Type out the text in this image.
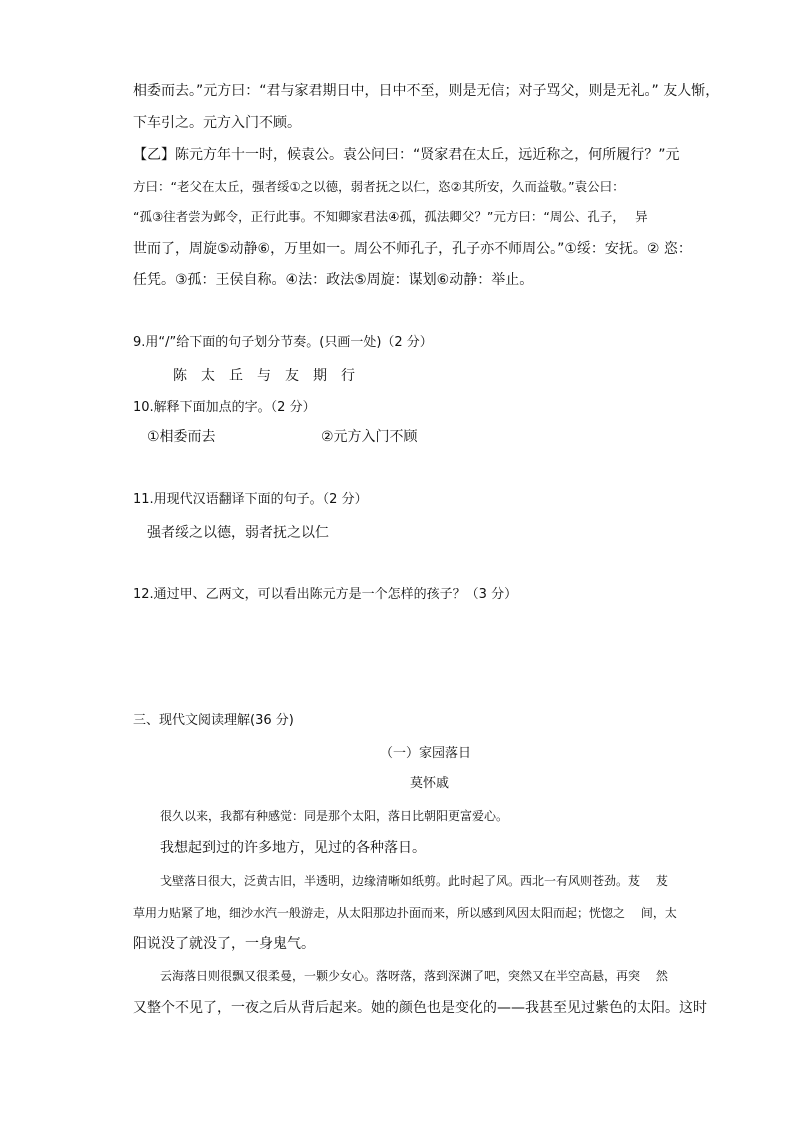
相委而去。”元方曰：“君与家君期日中，日中不至，则是无信；对子骂父，则是无礼。” 友人惭，
下车引之。元方入门不顾。
【乙】陈元方年十一时，候袁公。袁公问曰：“贤家君在太丘，远近称之，何所履行？”元
方曰：“老父在太丘，强者绥①之以德，弱者抚之以仁，恣②其所安，久而益敬。”袁公曰：
“孤③往者尝为邺令，正行此事。不知卿家君法④孤，孤法卿父？”元方曰：“周公、孔子，　 异
世而了，周旋⑤动静⑥，万里如一。周公不师孔子，孔子亦不师周公。”①绥：安抚。② 恣：
任凭。③孤：王侯自称。④法：政法⑤周旋：谋划⑥动静：举止。
9.用“/”给下面的句子划分节奏。(只画一处)（2 分）
陈　太　丘　与　友　期　行
10.解释下面加点的字。（2 分）
①相委而去	②元方入门不顾
11.用现代汉语翻译下面的句子。（2 分）
强者绥之以德，弱者抚之以仁
12.通过甲、乙两文，可以看出陈元方是一个怎样的孩子？（3 分）
三、现代文阅读理解(36 分)
（一）家园落日
莫怀戚
很久以来，我都有种感觉：同是那个太阳，落日比朝阳更富爱心。
我想起到过的许多地方，见过的各种落日。
戈壁落日很大，泛黄古旧，半透明，边缘清晰如纸剪。此时起了风。西北一有风则苍劲。芨　 芨
草用力贴紧了地，细沙水汽一般游走，从太阳那边扑面而来，所以感到风因太阳而起；恍惚之　 间，太
阳说没了就没了，一身鬼气。
云海落日则很飘又很柔曼，一颗少女心。落呀落，落到深渊了吧，突然又在半空高悬，再突　 然
又整个不见了，一夜之后从背后起来。她的颜色也是变化的——我甚至见过紫色的太阳。这时
